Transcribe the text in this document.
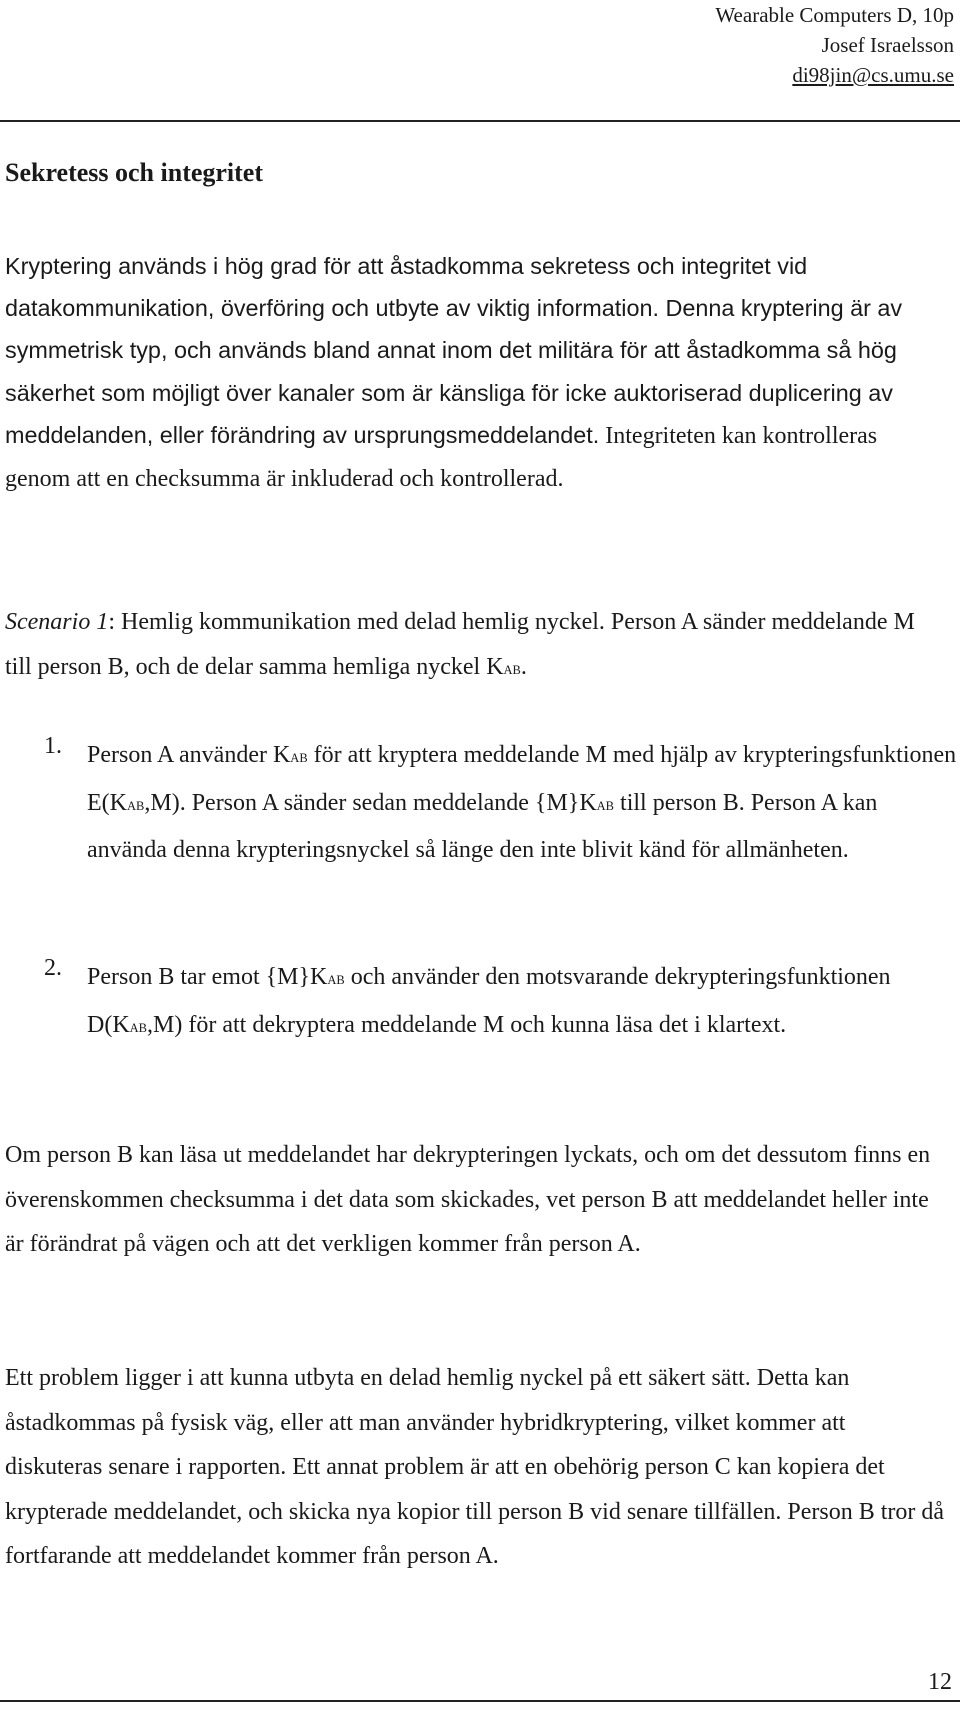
Wearable Computers D, 10p
Josef Israelsson
di98jin@cs.umu.se
Sekretess och integritet

Kryptering används i hög grad för att åstadkomma sekretess och integritet vid datakommunikation, överföring och utbyte av viktig information. Denna kryptering är av symmetrisk typ, och används bland annat inom det militära för att åstadkomma så hög säkerhet som möjligt över kanaler som är känsliga för icke auktoriserad duplicering av meddelanden, eller förändring av ursprungsmeddelandet. Integriteten kan kontrolleras genom att en checksumma är inkluderad och kontrollerad.

Scenario 1: Hemlig kommunikation med delad hemlig nyckel. Person A sänder meddelande M till person B, och de delar samma hemliga nyckel KAB.

1. Person A använder KAB för att kryptera meddelande M med hjälp av krypteringsfunktionen E(KAB,M). Person A sänder sedan meddelande {M}KAB till person B. Person A kan använda denna krypteringsnyckel så länge den inte blivit känd för allmänheten.

2. Person B tar emot {M}KAB och använder den motsvarande dekrypteringsfunktionen D(KAB,M) för att dekryptera meddelande M och kunna läsa det i klartext.

Om person B kan läsa ut meddelandet har dekrypteringen lyckats, och om det dessutom finns en överenskommen checksumma i det data som skickades, vet person B att meddelandet heller inte är förändrat på vägen och att det verkligen kommer från person A.

Ett problem ligger i att kunna utbyta en delad hemlig nyckel på ett säkert sätt. Detta kan åstadkommas på fysisk väg, eller att man använder hybridkryptering, vilket kommer att diskuteras senare i rapporten. Ett annat problem är att en obehörig person C kan kopiera det krypterade meddelandet, och skicka nya kopior till person B vid senare tillfällen. Person B tror då fortfarande att meddelandet kommer från person A.

12
